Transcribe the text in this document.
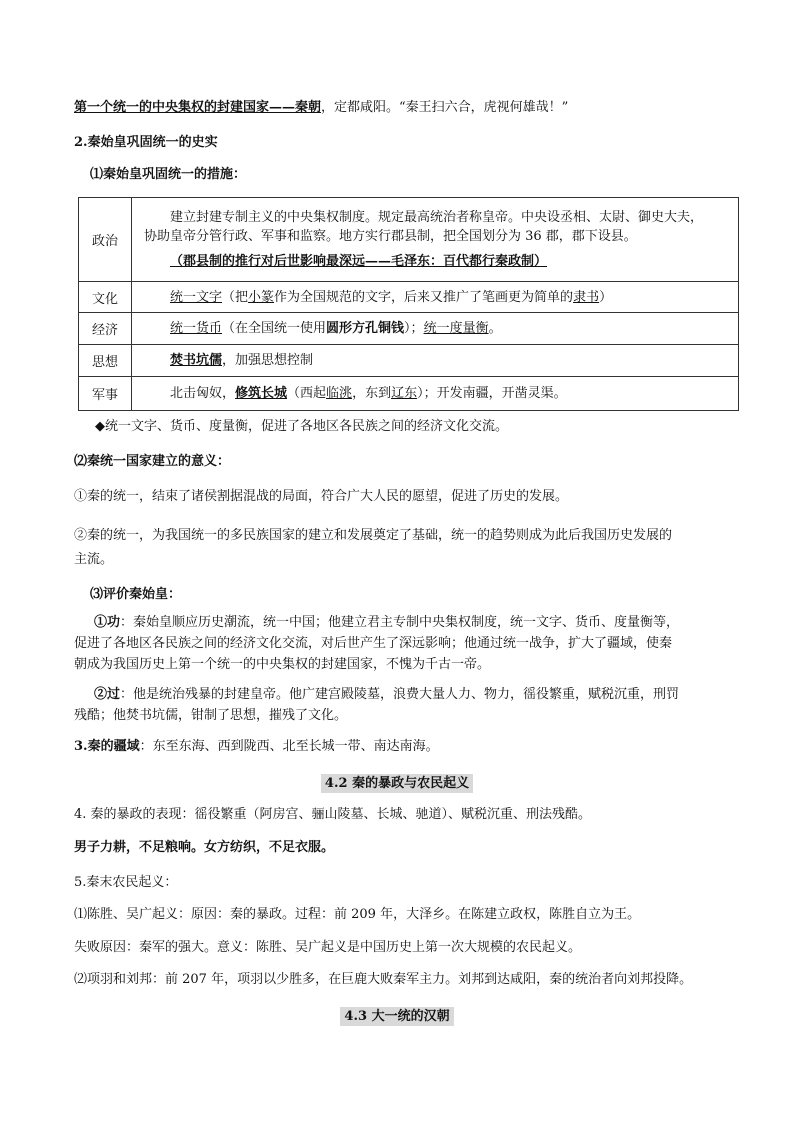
第一个统一的中央集权的封建国家——秦朝，定都咸阳。“秦王扫六合，虎视何雄哉！”
2.秦始皇巩固统一的史实
⑴秦始皇巩固统一的措施：
政治	建立封建专制主义的中央集权制度。规定最高统治者称皇帝。中央设丞相、太尉、御史大夫，
协助皇帝分管行政、军事和监察。地方实行郡县制，把全国划分为 36 郡，郡下设县。
（郡县制的推行对后世影响最深远——毛泽东：百代都行秦政制）

文化	统一文字（把小篆作为全国规范的文字，后来又推广了笔画更为简单的隶书）
经济	统一货币（在全国统一使用圆形方孔铜钱）；统一度量衡。
思想	焚书坑儒，加强思想控制
军事	北击匈奴，修筑长城（西起临洮，东到辽东）；开发南疆，开凿灵渠。
◆统一文字、货币、度量衡，促进了各地区各民族之间的经济文化交流。
⑵秦统一国家建立的意义：
①秦的统一，结束了诸侯割据混战的局面，符合广大人民的愿望，促进了历史的发展。
②秦的统一，为我国统一的多民族国家的建立和发展奠定了基础，统一的趋势则成为此后我国历史发展的
主流。
⑶评价秦始皇：
①功：秦始皇顺应历史潮流，统一中国；他建立君主专制中央集权制度，统一文字、货币、度量衡等，
促进了各地区各民族之间的经济文化交流，对后世产生了深远影响；他通过统一战争，扩大了疆域，使秦
朝成为我国历史上第一个统一的中央集权的封建国家，不愧为千古一帝。
②过：他是统治残暴的封建皇帝。他广建宫殿陵墓，浪费大量人力、物力，徭役繁重，赋税沉重，刑罚
残酷；他焚书坑儒，钳制了思想，摧残了文化。
3.秦的疆域：东至东海、西到陇西、北至长城一带、南达南海。
4.2 秦的暴政与农民起义
4. 秦的暴政的表现：徭役繁重（阿房宫、骊山陵墓、长城、驰道）、赋税沉重、刑法残酷。
男子力耕，不足粮响。女方纺织，不足衣服。
5.秦末农民起义：
⑴陈胜、吴广起义：原因：秦的暴政。过程：前 209 年，大泽乡。在陈建立政权，陈胜自立为王。
失败原因：秦军的强大。意义：陈胜、吴广起义是中国历史上第一次大规模的农民起义。
⑵项羽和刘邦：前 207 年，项羽以少胜多，在巨鹿大败秦军主力。刘邦到达咸阳，秦的统治者向刘邦投降。
4.3 大一统的汉朝
